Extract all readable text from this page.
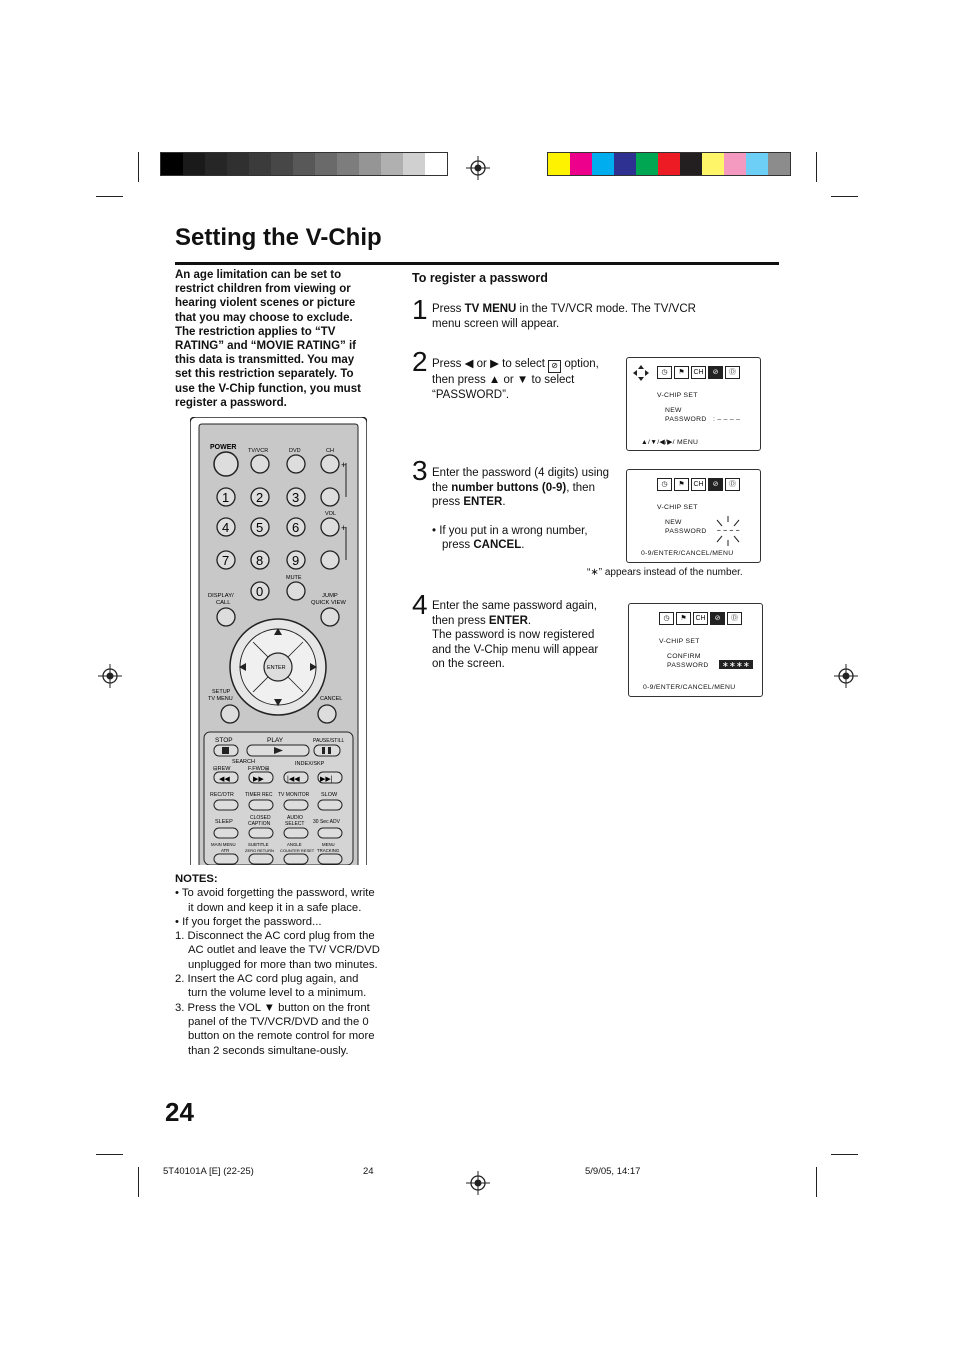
Setting the V-Chip
An age limitation can be set to restrict children from viewing or hearing violent scenes or picture that you may choose to exclude. The restriction applies to “TV RATING” and “MOVIE RATING” if this data is transmitted. You may set this restriction separately. To use the V-Chip function, you must register a password.
To register a password
1 Press TV MENU in the TV/VCR mode. The TV/VCR menu screen will appear.
2 Press ◀ or ▶ to select ⊘ option,
then press ▲ or ▼ to select
“PASSWORD”.
3 Enter the password (4 digits) using the number buttons (0-9), then press ENTER.
• If you put in a wrong number, press CANCEL.
“∗” appears instead of the number.
4 Enter the same password again, then press ENTER.
The password is now registered and the V-Chip menu will appear on the screen.
◷	⚑	CH	⊘	Ⓓ
V-CHIP SET
NEW
PASSWORD : – – – –
▲/▼/◀/▶/ MENU
◷	⚑	CH	⊘	Ⓓ
V-CHIP SET
NEW
PASSWORD – – – –
0-9/ENTER/CANCEL/MENU
◷	⚑	CH	⊘	Ⓓ
V-CHIP SET
CONFIRM
PASSWORD	∗∗∗∗
0-9/ENTER/CANCEL/MENU
POWER TV/VCR	DVD	CH
+
1 2 3
4 5 6
7 8 9
0
VOL
+
MUTE
DISPLAY/
CALL
JUMP
QUICK VIEW
ENTER
SETUP
TV MENU	CANCEL
STOP	PLAY	PAUSE/STILL
SEARCH	INDEX/SKP
⊟REW	F.FWD⊞
◀◀	▶▶	|◀◀	▶▶|
REC/OTR TIMER REC TV MONITOR SLOW
SLEEP
CLOSED
CAPTION
AUDIO
SELECT 30 Sec ADV
MAIN MENU
ATR
SUBTITLE
ZERO RETURN
ANGLE
COUNTER RESET
MENU
TRACKING
NOTES:
• To avoid forgetting the password, write it down and keep it in a safe place.
• If you forget the password...
1. Disconnect the AC cord plug from the AC outlet and leave the TV/ VCR/DVD unplugged for more than two minutes.
2. Insert the AC cord plug again, and turn the volume level to a minimum.
3. Press the VOL ▼ button on the front panel of the TV/VCR/DVD and the 0 button on the remote control for more than 2 seconds simultane-ously.
24
5T40101A [E] (22-25)	24	5/9/05, 14:17
